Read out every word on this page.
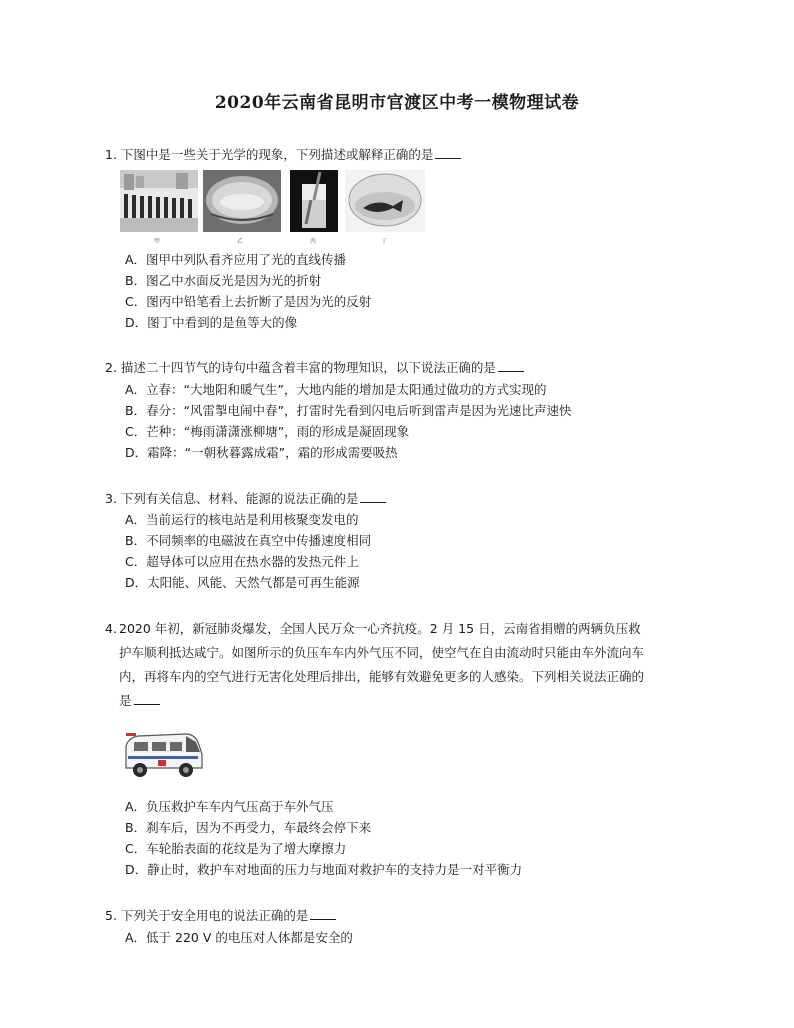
2020年云南省昆明市官渡区中考一模物理试卷
1. 下图中是一些关于光学的现象，下列描述或解释正确的是
甲	乙	丙	丁
A．图甲中列队看齐应用了光的直线传播
B．图乙中水面反光是因为光的折射
C．图丙中铅笔看上去折断了是因为光的反射
D．图丁中看到的是鱼等大的像
2. 描述二十四节气的诗句中蕴含着丰富的物理知识，以下说法正确的是
A．立春：“大地阳和暖气生”，大地内能的增加是太阳通过做功的方式实现的
B．春分：“风雷掣电闹中春”，打雷时先看到闪电后听到雷声是因为光速比声速快
C．芒种：“梅雨潇潇涨柳塘”，雨的形成是凝固现象
D．霜降：“一朝秋暮露成霜”，霜的形成需要吸热
3. 下列有关信息、材料、能源的说法正确的是
A．当前运行的核电站是利用核聚变发电的
B．不同频率的电磁波在真空中传播速度相同
C．超导体可以应用在热水器的发热元件上
D．太阳能、风能、天然气都是可再生能源
4. 2020 年初，新冠肺炎爆发，全国人民万众一心齐抗疫。2 月 15 日，云南省捐赠的两辆负压救
护车顺利抵达咸宁。如图所示的负压车车内外气压不同，使空气在自由流动时只能由车外流向车
内，再将车内的空气进行无害化处理后排出，能够有效避免更多的人感染。下列相关说法正确的
是
A．负压救护车车内气压高于车外气压
B．刹车后，因为不再受力，车最终会停下来
C．车轮胎表面的花纹是为了增大摩擦力
D．静止时，救护车对地面的压力与地面对救护车的支持力是一对平衡力
5. 下列关于安全用电的说法正确的是
A．低于 220 V 的电压对人体都是安全的
